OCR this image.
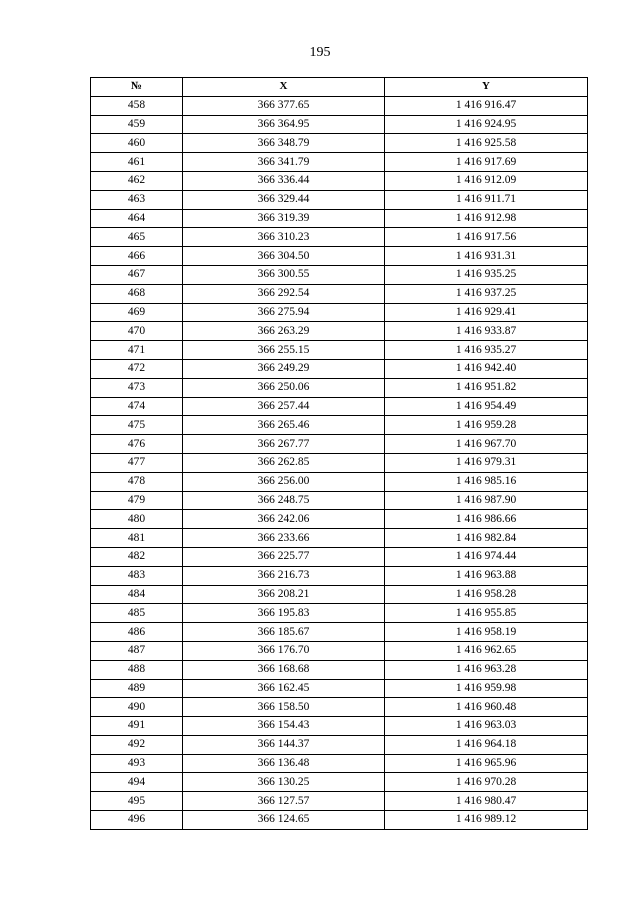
195
№	X	Y
458	366 377.65	1 416 916.47
459	366 364.95	1 416 924.95
460	366 348.79	1 416 925.58
461	366 341.79	1 416 917.69
462	366 336.44	1 416 912.09
463	366 329.44	1 416 911.71
464	366 319.39	1 416 912.98
465	366 310.23	1 416 917.56
466	366 304.50	1 416 931.31
467	366 300.55	1 416 935.25
468	366 292.54	1 416 937.25
469	366 275.94	1 416 929.41
470	366 263.29	1 416 933.87
471	366 255.15	1 416 935.27
472	366 249.29	1 416 942.40
473	366 250.06	1 416 951.82
474	366 257.44	1 416 954.49
475	366 265.46	1 416 959.28
476	366 267.77	1 416 967.70
477	366 262.85	1 416 979.31
478	366 256.00	1 416 985.16
479	366 248.75	1 416 987.90
480	366 242.06	1 416 986.66
481	366 233.66	1 416 982.84
482	366 225.77	1 416 974.44
483	366 216.73	1 416 963.88
484	366 208.21	1 416 958.28
485	366 195.83	1 416 955.85
486	366 185.67	1 416 958.19
487	366 176.70	1 416 962.65
488	366 168.68	1 416 963.28
489	366 162.45	1 416 959.98
490	366 158.50	1 416 960.48
491	366 154.43	1 416 963.03
492	366 144.37	1 416 964.18
493	366 136.48	1 416 965.96
494	366 130.25	1 416 970.28
495	366 127.57	1 416 980.47
496	366 124.65	1 416 989.12
